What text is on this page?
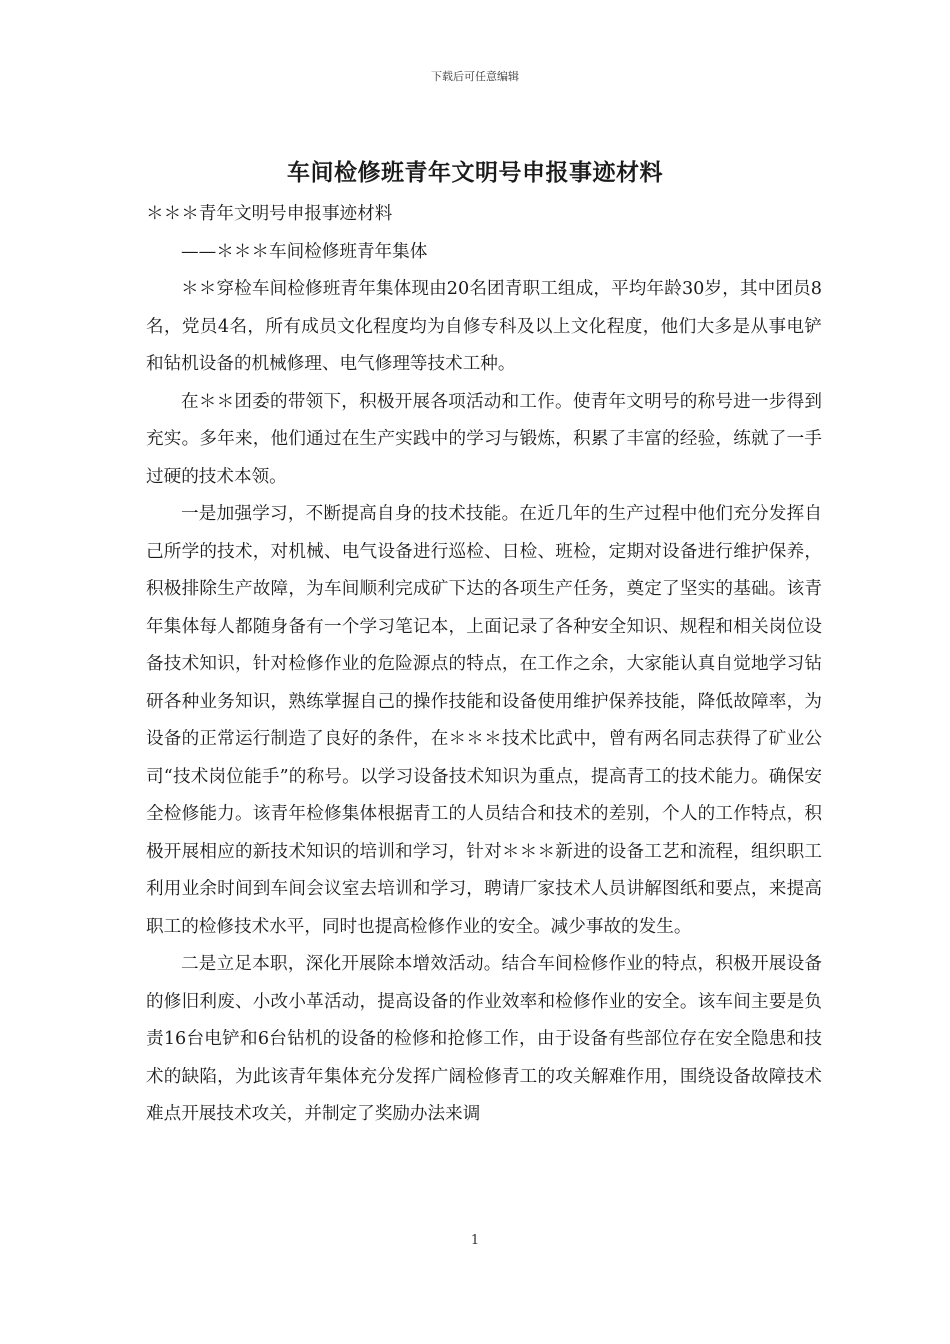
下载后可任意编辑
车间检修班青年文明号申报事迹材料

＊＊＊青年文明号申报事迹材料

——＊＊＊车间检修班青年集体

＊＊穿检车间检修班青年集体现由20名团青职工组成，平均年龄30岁，其中团员8名，党员4名，所有成员文化程度均为自修专科及以上文化程度，他们大多是从事电铲和钻机设备的机械修理、电气修理等技术工种。

在＊＊团委的带领下，积极开展各项活动和工作。使青年文明号的称号进一步得到充实。多年来，他们通过在生产实践中的学习与锻炼，积累了丰富的经验，练就了一手过硬的技术本领。

一是加强学习，不断提高自身的技术技能。在近几年的生产过程中他们充分发挥自己所学的技术，对机械、电气设备进行巡检、日检、班检，定期对设备进行维护保养，积极排除生产故障，为车间顺利完成矿下达的各项生产任务，奠定了坚实的基础。该青年集体每人都随身备有一个学习笔记本，上面记录了各种安全知识、规程和相关岗位设备技术知识，针对检修作业的危险源点的特点，在工作之余，大家能认真自觉地学习钻研各种业务知识，熟练掌握自己的操作技能和设备使用维护保养技能，降低故障率，为设备的正常运行制造了良好的条件，在＊＊＊技术比武中，曾有两名同志获得了矿业公司“技术岗位能手”的称号。以学习设备技术知识为重点，提高青工的技术能力。确保安全检修能力。该青年检修集体根据青工的人员结合和技术的差别，个人的工作特点，积极开展相应的新技术知识的培训和学习，针对＊＊＊新进的设备工艺和流程，组织职工利用业余时间到车间会议室去培训和学习，聘请厂家技术人员讲解图纸和要点，来提高职工的检修技术水平，同时也提高检修作业的安全。减少事故的发生。

二是立足本职，深化开展除本增效活动。结合车间检修作业的特点，积极开展设备的修旧利废、小改小革活动，提高设备的作业效率和检修作业的安全。该车间主要是负责16台电铲和6台钻机的设备的检修和抢修工作，由于设备有些部位存在安全隐患和技术的缺陷，为此该青年集体充分发挥广阔检修青工的攻关解难作用，围绕设备故障技术难点开展技术攻关，并制定了奖励办法来调

1
